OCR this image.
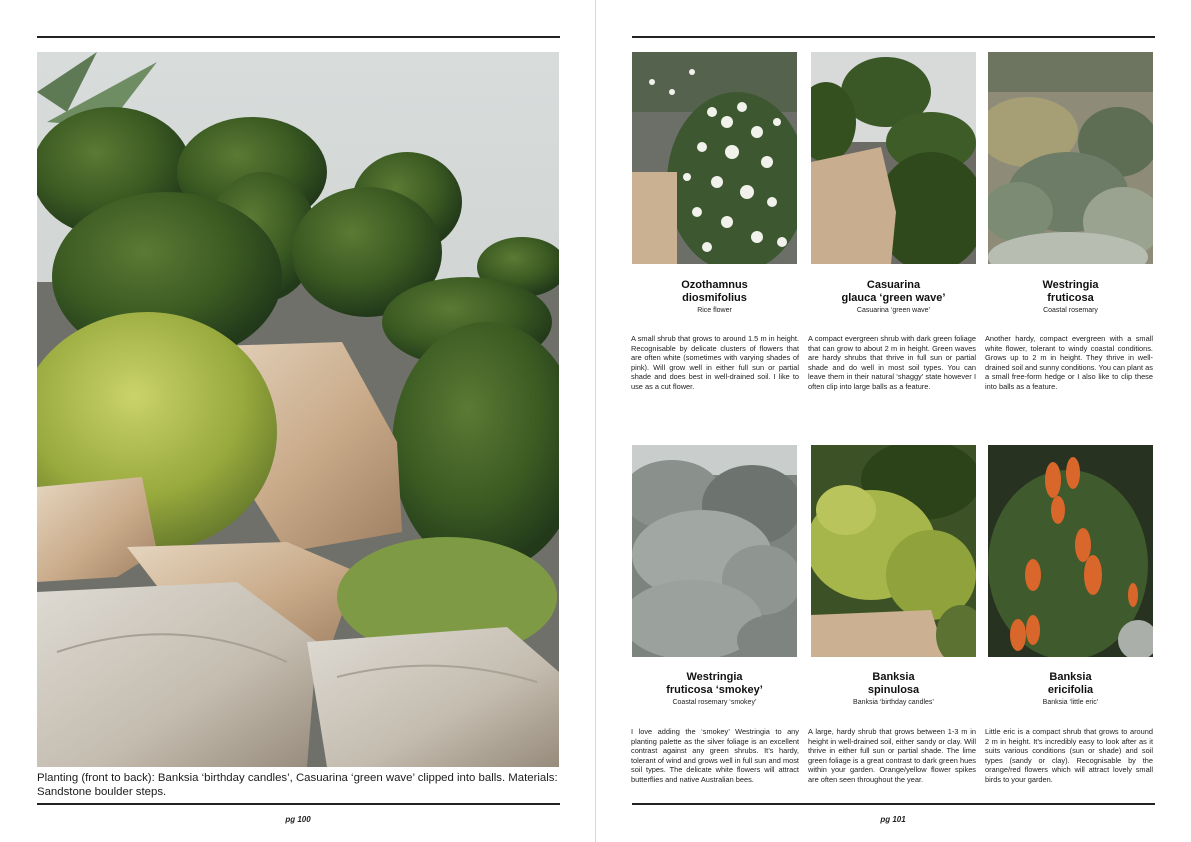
Planting (front to back): Banksia ‘birthday candles’, Casuarina ‘green wave’ clipped into balls. Materials: Sandstone boulder steps.
pg 100
Ozothamnus
diosmifolius
Rice flower
A small shrub that grows to around 1.5 m in height. Recognisable by delicate clusters of flowers that are often white (sometimes with varying shades of pink). Will grow well in either full sun or partial shade and does best in well-drained soil. I like to use as a cut flower.
Casuarina
glauca ‘green wave’
Casuarina ‘green wave’
A compact evergreen shrub with dark green foliage that can grow to about 2 m in height. Green waves are hardy shrubs that thrive in full sun or partial shade and do well in most soil types. You can leave them in their natural ‘shaggy’ state however I often clip into large balls as a feature.
Westringia
fruticosa
Coastal rosemary
Another hardy, compact evergreen with a small white flower, tolerant to windy coastal conditions. Grows up to 2 m in height. They thrive in well-drained soil and sunny conditions. You can plant as a small free-form hedge or I also like to clip these into balls as a feature.
Westringia
fruticosa ‘smokey’
Coastal rosemary ‘smokey’
I love adding the ‘smokey’ Westringia to any planting palette as the silver foliage is an excellent contrast against any green shrubs. It’s hardy, tolerant of wind and grows well in full sun and most soil types. The delicate white flowers will attract butterflies and native Australian bees.
Banksia
spinulosa
Banksia ‘birthday candles’
A large, hardy shrub that grows between 1-3 m in height in well-drained soil, either sandy or clay. Will thrive in either full sun or partial shade. The lime green foliage is a great contrast to dark green hues within your garden. Orange/yellow flower spikes are often seen throughout the year.
Banksia
ericifolia
Banksia ‘little eric’
Little eric is a compact shrub that grows to around 2 m in height. It’s incredibly easy to look after as it suits various conditions (sun or shade) and soil types (sandy or clay). Recognisable by the orange/red flowers which will attract lovely small birds to your garden.
pg 101
